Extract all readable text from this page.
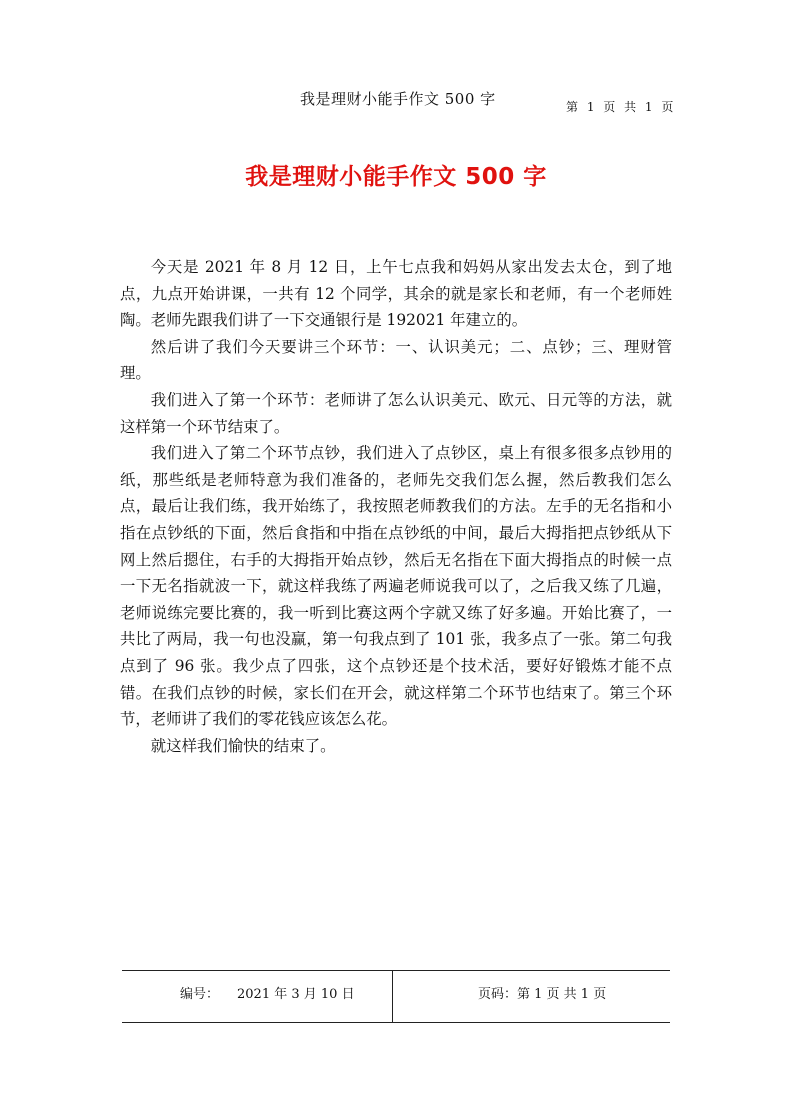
我是理财小能手作文 500 字	第 1 页 共 1 页
我是理财小能手作文 500 字

今天是 2021 年 8 月 12 日，上午七点我和妈妈从家出发去太仓，到了地点，九点开始讲课，一共有 12 个同学，其余的就是家长和老师，有一个老师姓陶。老师先跟我们讲了一下交通银行是 192021 年建立的。

然后讲了我们今天要讲三个环节：一、认识美元；二、点钞；三、理财管理。

我们进入了第一个环节：老师讲了怎么认识美元、欧元、日元等的方法，就这样第一个环节结束了。

我们进入了第二个环节点钞，我们进入了点钞区，桌上有很多很多点钞用的纸，那些纸是老师特意为我们准备的，老师先交我们怎么握，然后教我们怎么点，最后让我们练，我开始练了，我按照老师教我们的方法。左手的无名指和小指在点钞纸的下面，然后食指和中指在点钞纸的中间，最后大拇指把点钞纸从下网上然后摁住，右手的大拇指开始点钞，然后无名指在下面大拇指点的时候一点一下无名指就波一下，就这样我练了两遍老师说我可以了，之后我又练了几遍，老师说练完要比赛的，我一听到比赛这两个字就又练了好多遍。开始比赛了，一共比了两局，我一句也没赢，第一句我点到了 101 张，我多点了一张。第二句我点到了 96 张。我少点了四张，这个点钞还是个技术活，要好好锻炼才能不点错。在我们点钞的时候，家长们在开会，就这样第二个环节也结束了。第三个环节，老师讲了我们的零花钱应该怎么花。

就这样我们愉快的结束了。

编号： 2021 年 3 月 10 日	页码：第 1 页 共 1 页
